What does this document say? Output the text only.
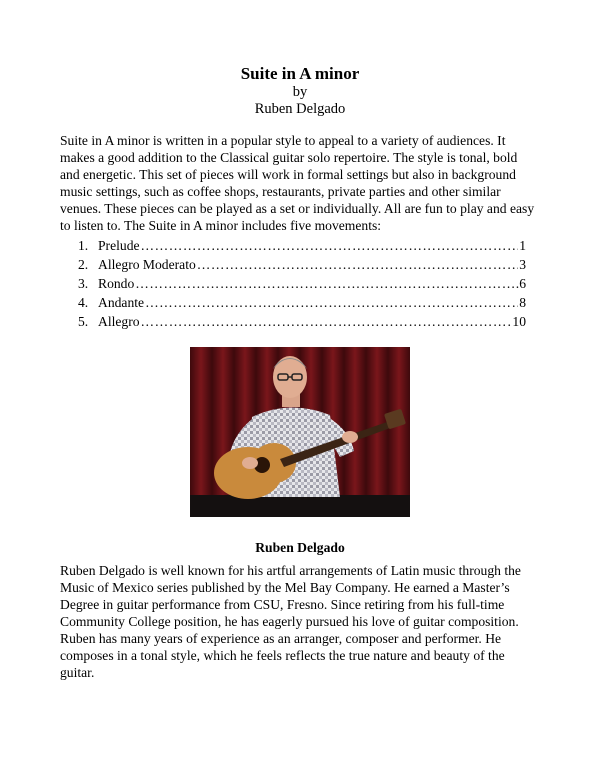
Suite in A minor
by
Ruben Delgado

Suite in A minor is written in a popular style to appeal to a variety of audiences. It makes a good addition to the Classical guitar solo repertoire. The style is tonal, bold and energetic. This set of pieces will work in formal settings but also in background music settings, such as coffee shops, restaurants, private parties and other similar venues. These pieces can be played as a set or individually. All are fun to play and easy to listen to. The Suite in A minor includes five movements:

1. Prelude …………………………………………………………………………………………………………………………………………………	1
2. Allegro Moderato …………………………………………………………………………………………………………………………………………………	3
3. Rondo …………………………………………………………………………………………………………………………………………………	.6
4. Andante …………………………………………………………………………………………………………………………………………………	8
5. Allegro …………………………………………………………………………………………………………………………………………………	10
Ruben Delgado

Ruben Delgado is well known for his artful arrangements of Latin music through the Music of Mexico series published by the Mel Bay Company. He earned a Master’s Degree in guitar performance from CSU, Fresno. Since retiring from his full-time Community College position, he has eagerly pursued his love of guitar composition. Ruben has many years of experience as an arranger, composer and performer. He composes in a tonal style, which he feels reflects the true nature and beauty of the guitar.
